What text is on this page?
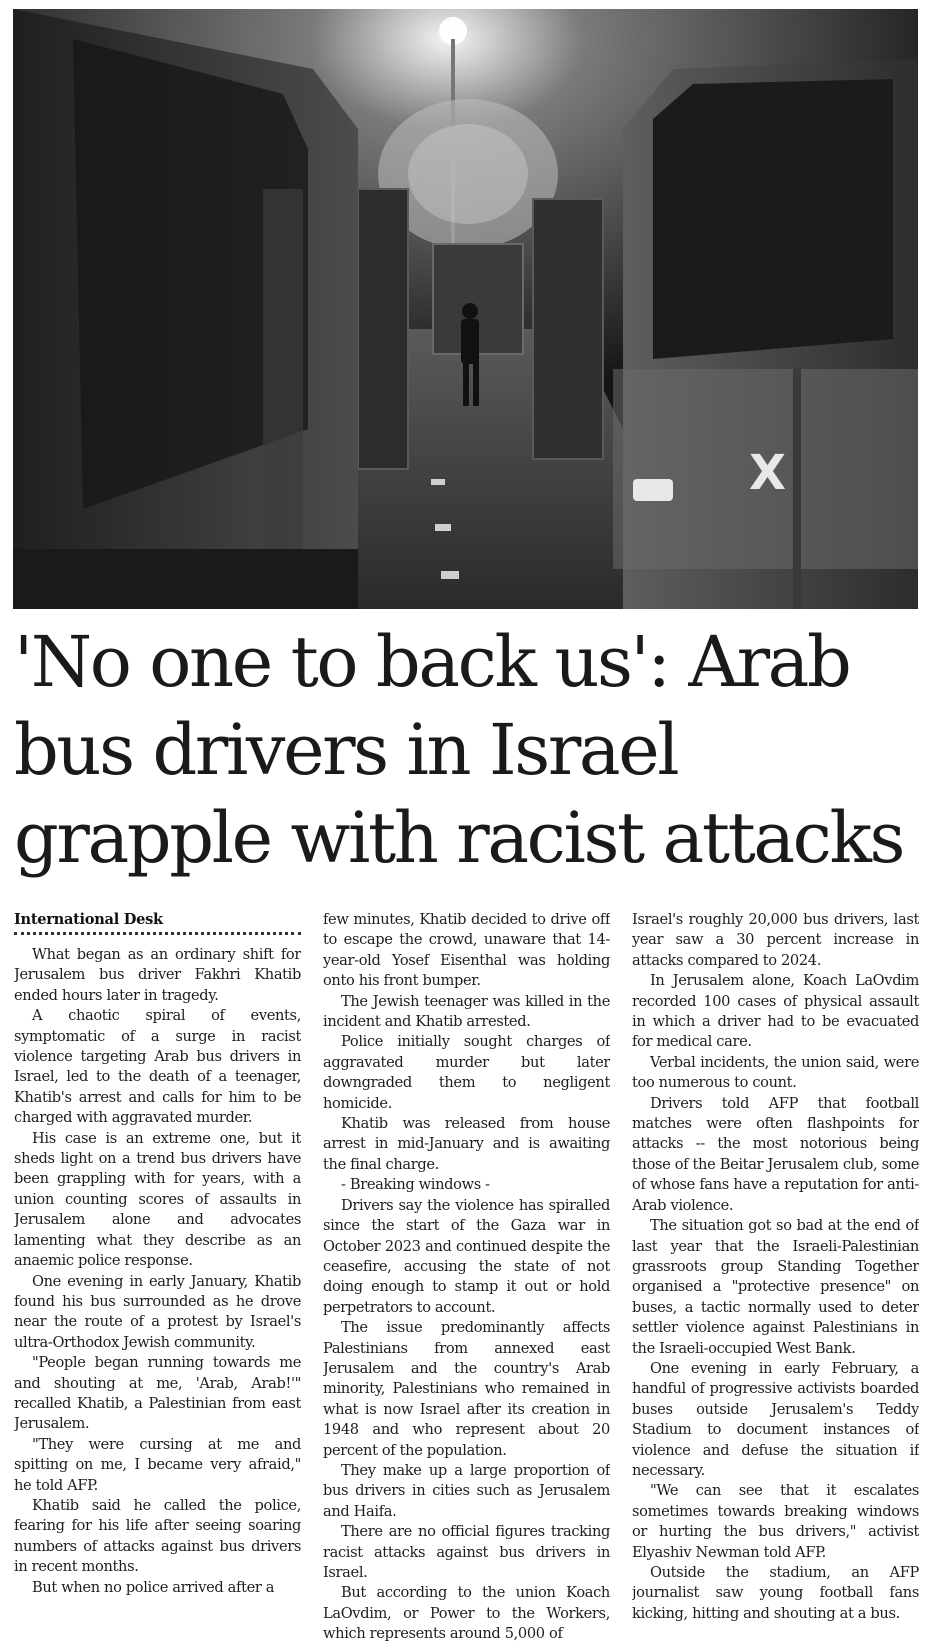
X
'No one to back us': Arab bus drivers in Israel grapple with racist attacks
International Desk

What began as an ordinary shift for Jerusalem bus driver Fakhri Khatib ended hours later in tragedy.

A chaotic spiral of events, symptomatic of a surge in racist violence targeting Arab bus drivers in Israel, led to the death of a teenager, Khatib's arrest and calls for him to be charged with aggravated murder.

His case is an extreme one, but it sheds light on a trend bus drivers have been grappling with for years, with a union counting scores of assaults in Jerusalem alone and advocates lamenting what they describe as an anaemic police response.

One evening in early January, Khatib found his bus surrounded as he drove near the route of a protest by Israel's ultra-Orthodox Jewish community.

"People began running towards me and shouting at me, 'Arab, Arab!'" recalled Khatib, a Palestinian from east Jerusalem.

"They were cursing at me and spitting on me, I became very afraid," he told AFP.

Khatib said he called the police, fearing for his life after seeing soaring numbers of attacks against bus drivers in recent months.

But when no police arrived after a

few minutes, Khatib decided to drive off to escape the crowd, unaware that 14-year-old Yosef Eisenthal was holding onto his front bumper.

The Jewish teenager was killed in the incident and Khatib arrested.

Police initially sought charges of aggravated murder but later downgraded them to negligent homicide.

Khatib was released from house arrest in mid-January and is awaiting the final charge.

- Breaking windows -

Drivers say the violence has spiralled since the start of the Gaza war in October 2023 and continued despite the ceasefire, accusing the state of not doing enough to stamp it out or hold perpetrators to account.

The issue predominantly affects Palestinians from annexed east Jerusalem and the country's Arab minority, Palestinians who remained in what is now Israel after its creation in 1948 and who represent about 20 percent of the population.

They make up a large proportion of bus drivers in cities such as Jerusalem and Haifa.

There are no official figures tracking racist attacks against bus drivers in Israel.

But according to the union Koach LaOvdim, or Power to the Workers, which represents around 5,000 of

Israel's roughly 20,000 bus drivers, last year saw a 30 percent increase in attacks compared to 2024.

In Jerusalem alone, Koach LaOvdim recorded 100 cases of physical assault in which a driver had to be evacuated for medical care.

Verbal incidents, the union said, were too numerous to count.

Drivers told AFP that football matches were often flashpoints for attacks -- the most notorious being those of the Beitar Jerusalem club, some of whose fans have a reputation for anti-Arab violence.

The situation got so bad at the end of last year that the Israeli-Palestinian grassroots group Standing Together organised a "protective presence" on buses, a tactic normally used to deter settler violence against Palestinians in the Israeli-occupied West Bank.

One evening in early February, a handful of progressive activists boarded buses outside Jerusalem's Teddy Stadium to document instances of violence and defuse the situation if necessary.

"We can see that it escalates sometimes towards breaking windows or hurting the bus drivers," activist Elyashiv Newman told AFP.

Outside the stadium, an AFP journalist saw young football fans kicking, hitting and shouting at a bus.
